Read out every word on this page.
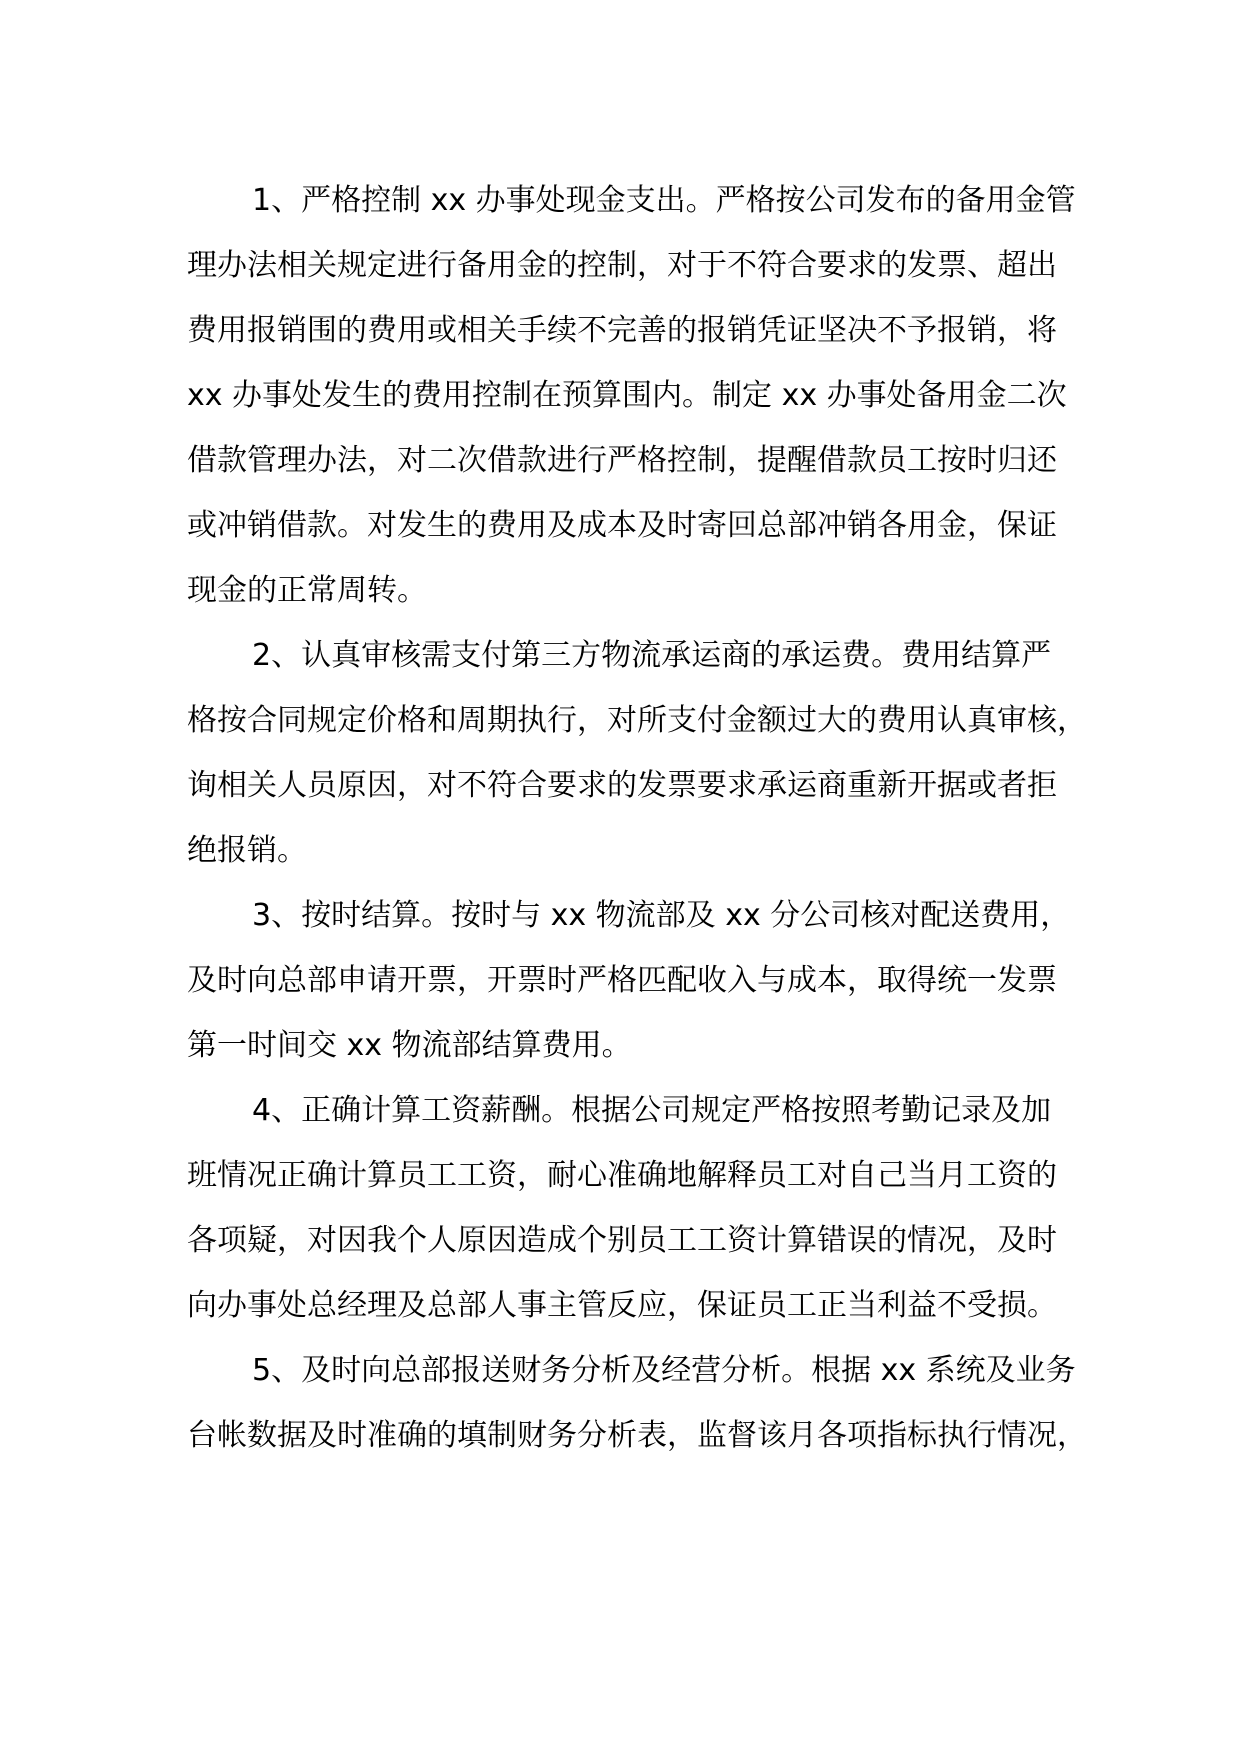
1、严格控制 xx 办事处现金支出。严格按公司发布的备用金管
理办法相关规定进行备用金的控制，对于不符合要求的发票、超出
费用报销围的费用或相关手续不完善的报销凭证坚决不予报销，将
xx 办事处发生的费用控制在预算围内。制定 xx 办事处备用金二次
借款管理办法，对二次借款进行严格控制，提醒借款员工按时归还
或冲销借款。对发生的费用及成本及时寄回总部冲销各用金，保证
现金的正常周转。

2、认真审核需支付第三方物流承运商的承运费。费用结算严
格按合同规定价格和周期执行，对所支付金额过大的费用认真审核，
询相关人员原因，对不符合要求的发票要求承运商重新开据或者拒
绝报销。

3、按时结算。按时与 xx 物流部及 xx 分公司核对配送费用，
及时向总部申请开票，开票时严格匹配收入与成本，取得统一发票
第一时间交 xx 物流部结算费用。

4、正确计算工资薪酬。根据公司规定严格按照考勤记录及加
班情况正确计算员工工资，耐心准确地解释员工对自己当月工资的
各项疑，对因我个人原因造成个别员工工资计算错误的情况，及时
向办事处总经理及总部人事主管反应，保证员工正当利益不受损。

5、及时向总部报送财务分析及经营分析。根据 xx 系统及业务
台帐数据及时准确的填制财务分析表，监督该月各项指标执行情况，
